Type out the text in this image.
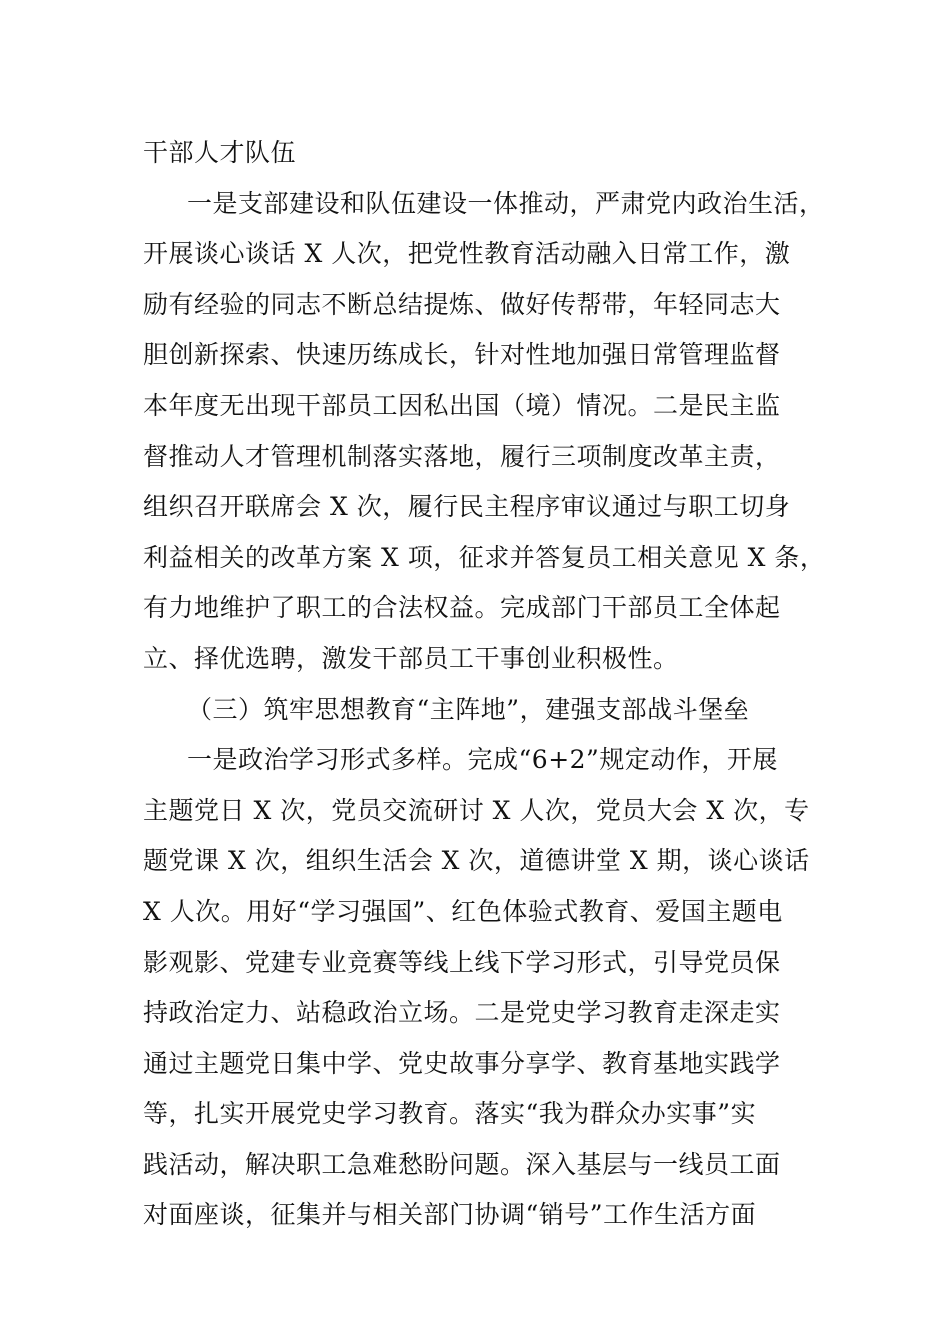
干部人才队伍
一是支部建设和队伍建设一体推动，严肃党内政治生活，
开展谈心谈话 X 人次，把党性教育活动融入日常工作，激
励有经验的同志不断总结提炼、做好传帮带，年轻同志大
胆创新探索、快速历练成长，针对性地加强日常管理监督
本年度无出现干部员工因私出国（境）情况。二是民主监
督推动人才管理机制落实落地，履行三项制度改革主责，
组织召开联席会 X 次，履行民主程序审议通过与职工切身
利益相关的改革方案 X 项，征求并答复员工相关意见 X 条，
有力地维护了职工的合法权益。完成部门干部员工全体起
立、择优选聘，激发干部员工干事创业积极性。
（三）筑牢思想教育“主阵地”，建强支部战斗堡垒
一是政治学习形式多样。完成“6+2”规定动作，开展
主题党日 X 次，党员交流研讨 X 人次，党员大会 X 次，专
题党课 X 次，组织生活会 X 次，道德讲堂 X 期，谈心谈话
X 人次。用好“学习强国”、红色体验式教育、爱国主题电
影观影、党建专业竞赛等线上线下学习形式，引导党员保
持政治定力、站稳政治立场。二是党史学习教育走深走实
通过主题党日集中学、党史故事分享学、教育基地实践学
等，扎实开展党史学习教育。落实“我为群众办实事”实
践活动，解决职工急难愁盼问题。深入基层与一线员工面
对面座谈，征集并与相关部门协调“销号”工作生活方面
